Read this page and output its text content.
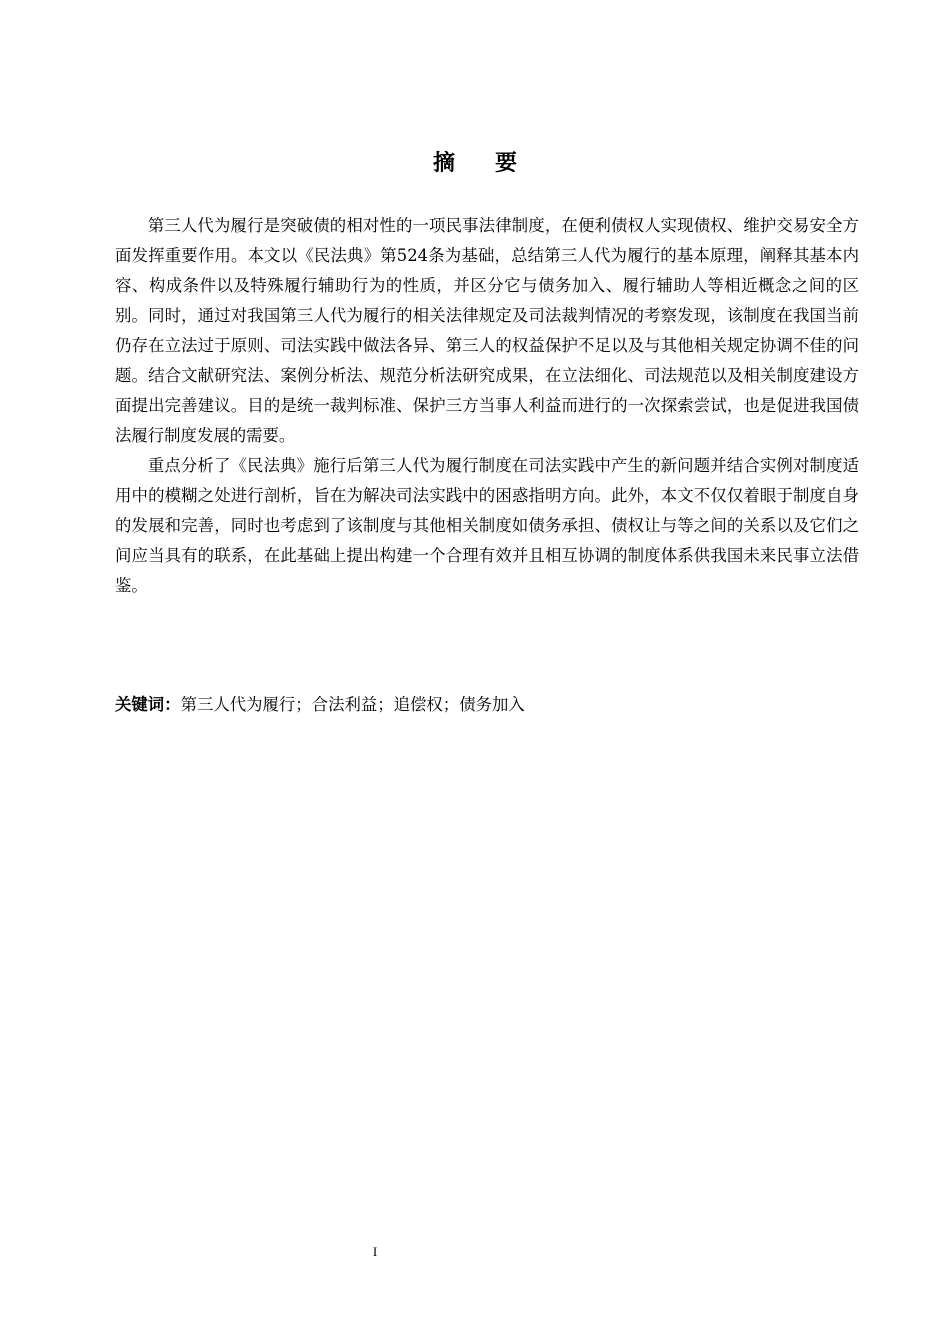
摘 要

第三人代为履行是突破债的相对性的一项民事法律制度，在便利债权人实现债权、维护交易安全方面发挥重要作用。本文以《民法典》第524条为基础，总结第三人代为履行的基本原理，阐释其基本内容、构成条件以及特殊履行辅助行为的性质，并区分它与债务加入、履行辅助人等相近概念之间的区别。同时，通过对我国第三人代为履行的相关法律规定及司法裁判情况的考察发现，该制度在我国当前仍存在立法过于原则、司法实践中做法各异、第三人的权益保护不足以及与其他相关规定协调不佳的问题。结合文献研究法、案例分析法、规范分析法研究成果，在立法细化、司法规范以及相关制度建设方面提出完善建议。目的是统一裁判标准、保护三方当事人利益而进行的一次探索尝试，也是促进我国债法履行制度发展的需要。

重点分析了《民法典》施行后第三人代为履行制度在司法实践中产生的新问题并结合实例对制度适用中的模糊之处进行剖析，旨在为解决司法实践中的困惑指明方向。此外，本文不仅仅着眼于制度自身的发展和完善，同时也考虑到了该制度与其他相关制度如债务承担、债权让与等之间的关系以及它们之间应当具有的联系，在此基础上提出构建一个合理有效并且相互协调的制度体系供我国未来民事立法借鉴。

关键词：第三人代为履行；合法利益；追偿权；债务加入

I
